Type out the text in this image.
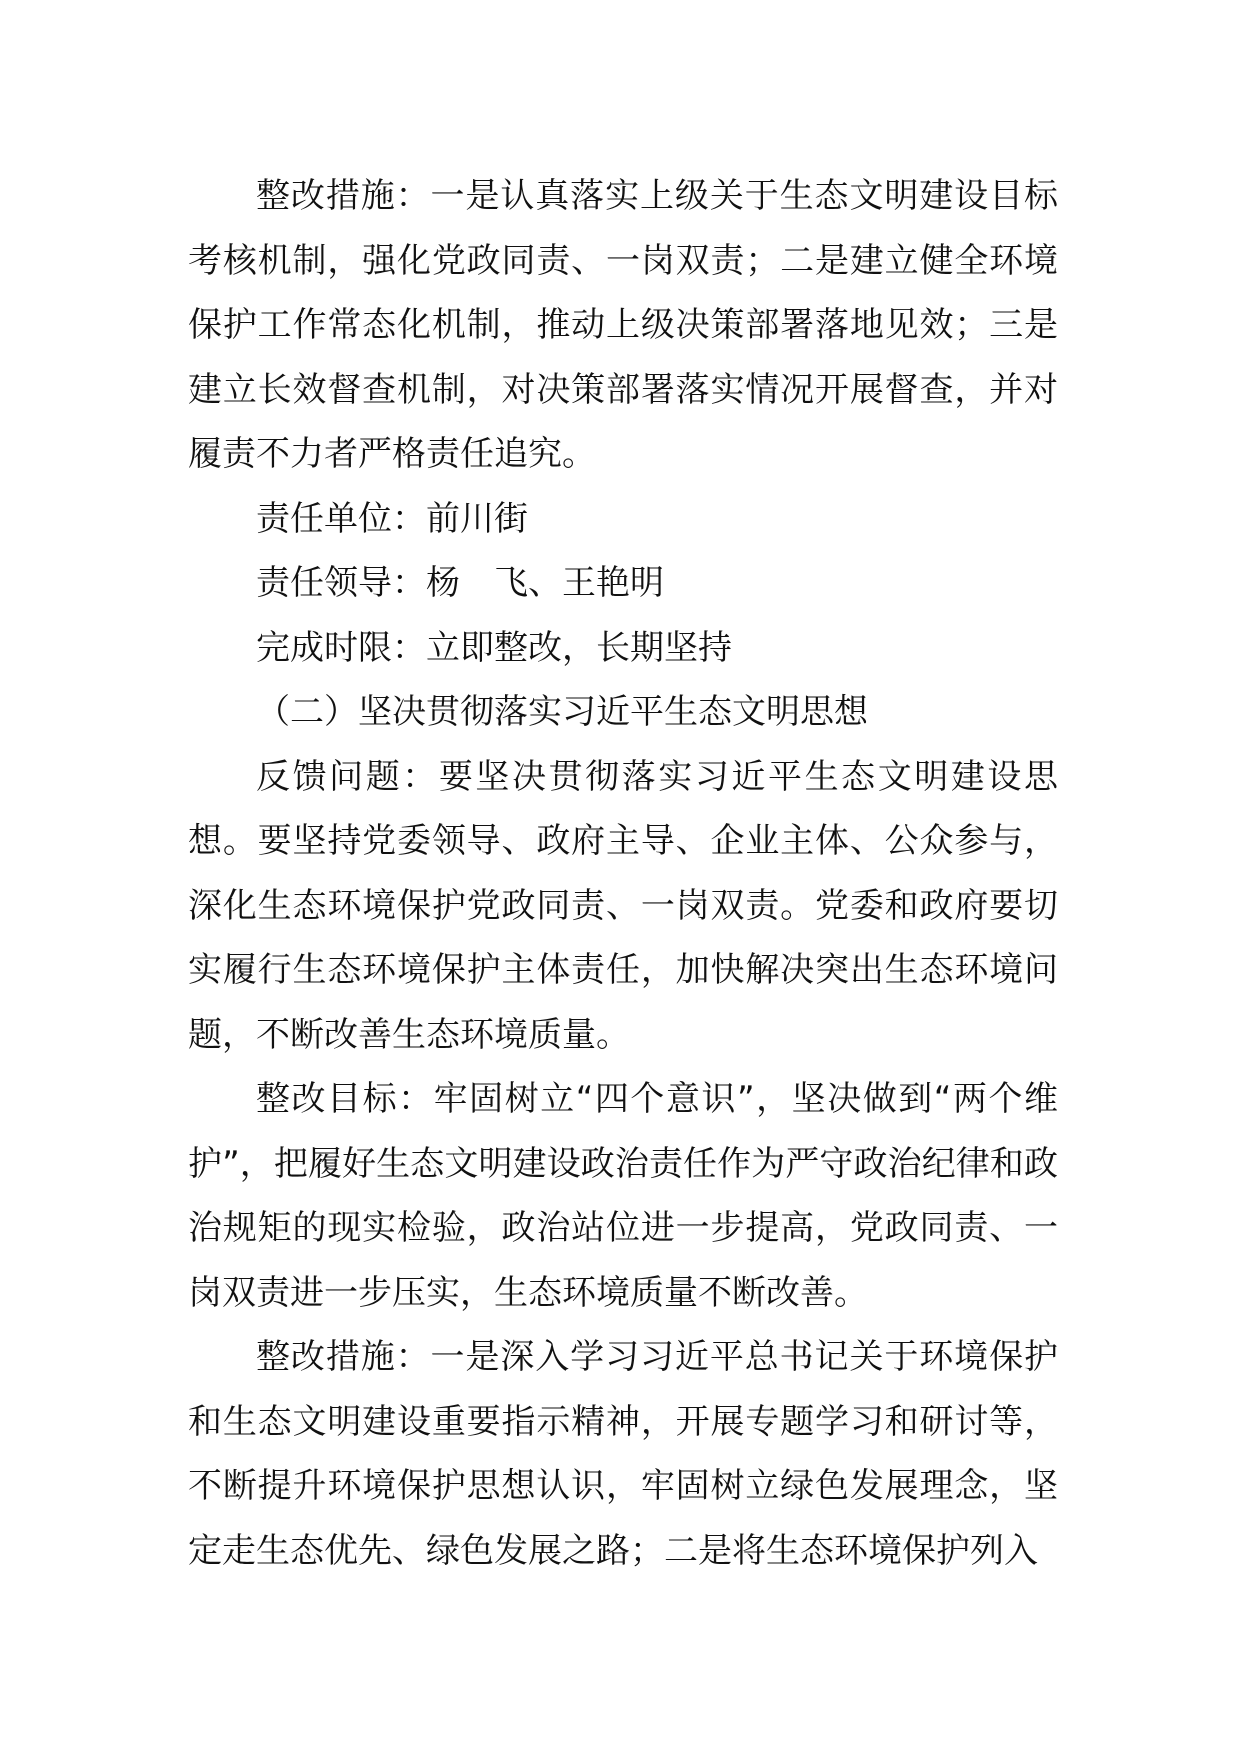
整改措施：一是认真落实上级关于生态文明建设目标考核机制，强化党政同责、一岗双责；二是建立健全环境保护工作常态化机制，推动上级决策部署落地见效；三是建立长效督查机制，对决策部署落实情况开展督查，并对履责不力者严格责任追究。

责任单位：前川街

责任领导：杨　飞、王艳明

完成时限：立即整改，长期坚持

（二）坚决贯彻落实习近平生态文明思想

反馈问题：要坚决贯彻落实习近平生态文明建设思想。要坚持党委领导、政府主导、企业主体、公众参与，深化生态环境保护党政同责、一岗双责。党委和政府要切实履行生态环境保护主体责任，加快解决突出生态环境问题，不断改善生态环境质量。

整改目标：牢固树立“四个意识”，坚决做到“两个维护”，把履好生态文明建设政治责任作为严守政治纪律和政治规矩的现实检验，政治站位进一步提高，党政同责、一岗双责进一步压实，生态环境质量不断改善。

整改措施：一是深入学习习近平总书记关于环境保护和生态文明建设重要指示精神，开展专题学习和研讨等，不断提升环境保护思想认识，牢固树立绿色发展理念，坚定走生态优先、绿色发展之路；二是将生态环境保护列入
